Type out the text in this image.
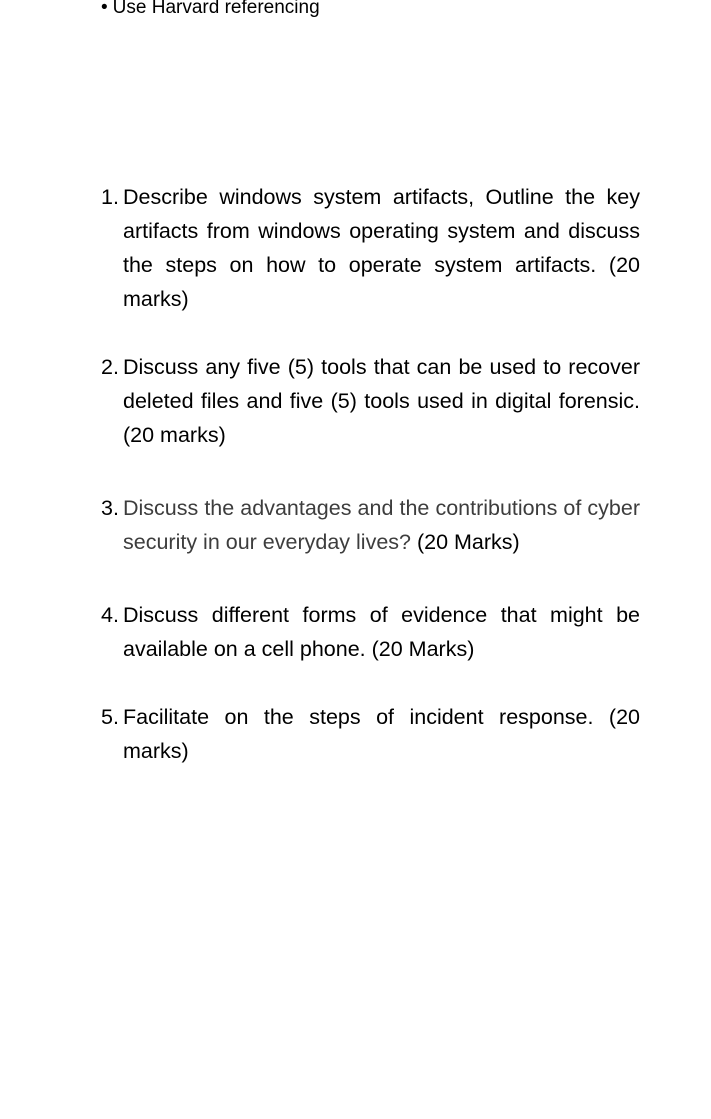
• Use Harvard referencing
1. Describe windows system artifacts, Outline the key artifacts from windows operating system and discuss the steps on how to operate system artifacts. (20 marks)
2. Discuss any five (5) tools that can be used to recover deleted files and five (5) tools used in digital forensic. (20 marks)
3. Discuss the advantages and the contributions of cyber security in our everyday lives? (20 Marks)
4. Discuss different forms of evidence that might be available on a cell phone. (20 Marks)
5. Facilitate on the steps of incident response. (20 marks)
